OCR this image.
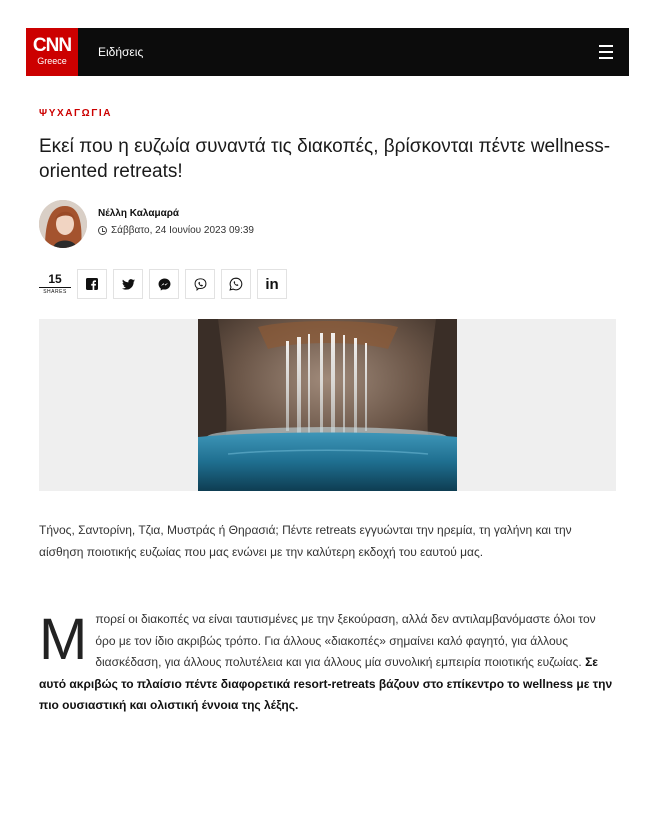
CNN
Greece
Ειδήσεις
ΨΥΧΑΓΩΓΙΑ
Εκεί που η ευζωία συναντά τις διακοπές, βρίσκονται πέντε wellness-oriented retreats!
Νέλλη Καλαμαρά
Σάββατο, 24 Ιουνίου 2023 09:39
15
SHARES	in

Τήνος, Σαντορίνη, Τζια, Μυστράς ή Θηρασιά; Πέντε retreats εγγυώνται την ηρεμία, τη γαλήνη και την αίσθηση ποιοτικής ευζωίας που μας ενώνει με την καλύτερη εκδοχή του εαυτού μας.

Μπορεί οι διακοπές να είναι ταυτισμένες με την ξεκούραση, αλλά δεν αντιλαμβανόμαστε όλοι τον όρο με τον ίδιο ακριβώς τρόπο. Για άλλους «διακοπές» σημαίνει καλό φαγητό, για άλλους διασκέδαση, για άλλους πολυτέλεια και για άλλους μία συνολική εμπειρία ποιοτικής ευζωίας. Σε αυτό ακριβώς το πλαίσιο πέντε διαφορετικά resort-retreats βάζουν στο επίκεντρο το wellness με την πιο ουσιαστική και ολιστική έννοια της λέξης.
